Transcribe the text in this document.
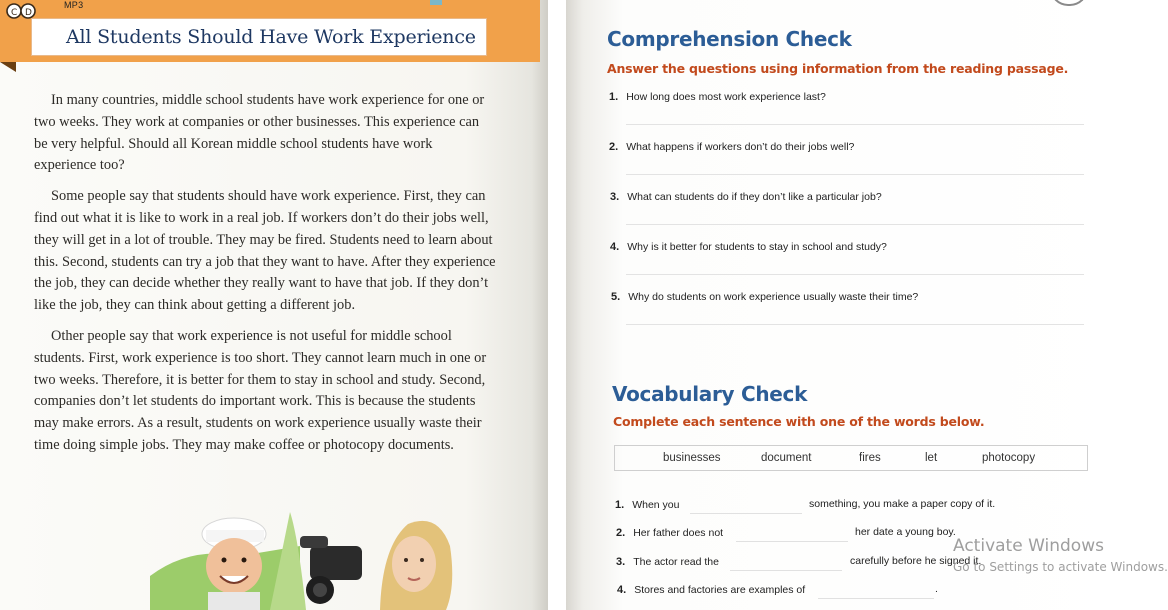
C D
MP3
All Students Should Have Work Experience

In many countries, middle school students have work experience for one or two weeks. They work at companies or other businesses. This experience can be very helpful. Should all Korean middle school students have work experience too?

Some people say that students should have work experience. First, they can find out what it is like to work in a real job. If workers don’t do their jobs well, they will get in a lot of trouble. They may be fired. Students need to learn about this. Second, students can try a job that they want to have. After they experience the job, they can decide whether they really want to have that job. If they don’t like the job, they can think about getting a different job.

Other people say that work experience is not useful for middle school students. First, work experience is too short. They cannot learn much in one or two weeks. Therefore, it is better for them to stay in school and study. Second, companies don’t let students do important work. This is because the students may make errors. As a result, students on work experience usually waste their time doing simple jobs. They may make coffee or photocopy documents.

Comprehension Check
Answer the questions using information from the reading passage.
1. How long does most work experience last?
2. What happens if workers don’t do their jobs well?
3. What can students do if they don’t like a particular job?
4. Why is it better for students to stay in school and study?
5. Why do students on work experience usually waste their time?
Vocabulary Check
Complete each sentence with one of the words below.
businesses	document	fires	let	photocopy
1. When you	something, you make a paper copy of it.
2. Her father does not	her date a young boy.
3. The actor read the	carefully before he signed it.
4. Stores and factories are examples of	.
Activate Windows
Go to Settings to activate Windows.
